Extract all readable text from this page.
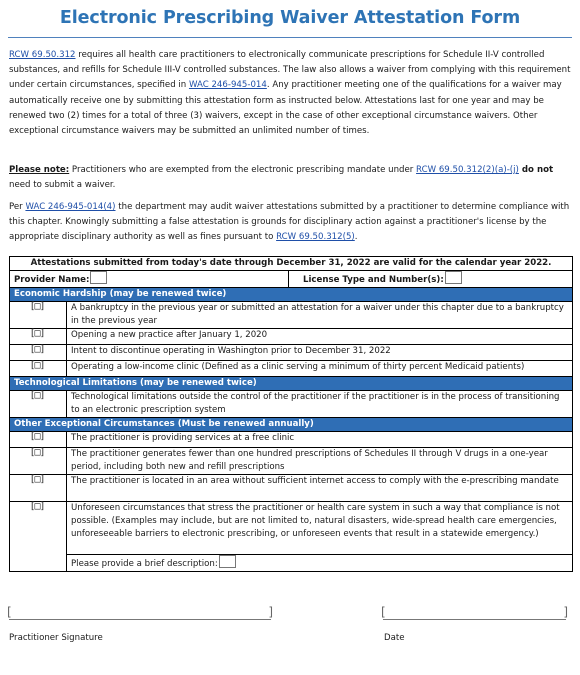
Electronic Prescribing Waiver Attestation Form

RCW 69.50.312 requires all health care practitioners to electronically communicate prescriptions for Schedule II-V controlled substances, and refills for Schedule III-V controlled substances. The law also allows a waiver from complying with this requirement under certain circumstances, specified in WAC 246-945-014. Any practitioner meeting one of the qualifications for a waiver may automatically receive one by submitting this attestation form as instructed below. Attestations last for one year and may be renewed two (2) times for a total of three (3) waivers, except in the case of other exceptional circumstance waivers. Other exceptional circumstance waivers may be submitted an unlimited number of times.

Please note: Practitioners who are exempted from the electronic prescribing mandate under RCW 69.50.312(2)(a)-(j) do not need to submit a waiver.

Per WAC 246-945-014(4) the department may audit waiver attestations submitted by a practitioner to determine compliance with this chapter. Knowingly submitting a false attestation is grounds for disciplinary action against a practitioner's license by the appropriate disciplinary authority as well as fines pursuant to RCW 69.50.312(5).

Attestations submitted from today's date through December 31, 2022 are valid for the calendar year 2022.		
Provider Name:		License Type and Number(s):
Economic Hardship (may be renewed twice)		
[□]	A bankruptcy in the previous year or submitted an attestation for a waiver under this chapter due to a bankruptcy in the previous year	
[□]	Opening a new practice after January 1, 2020	
[□]	Intent to discontinue operating in Washington prior to December 31, 2022	
[□]	Operating a low-income clinic (Defined as a clinic serving a minimum of thirty percent Medicaid patients)	
Technological Limitations (may be renewed twice)		
[□]	Technological limitations outside the control of the practitioner if the practitioner is in the process of transitioning to an electronic prescription system	
Other Exceptional Circumstances (Must be renewed annually)		
[□]	The practitioner is providing services at a free clinic	
[□]	The practitioner generates fewer than one hundred prescriptions of Schedules II through V drugs in a one-year period, including both new and refill prescriptions	
[□]	The practitioner is located in an area without sufficient internet access to comply with the e-prescribing mandate	
[□]	Unforeseen circumstances that stress the practitioner or health care system in such a way that compliance is not possible. (Examples may include, but are not limited to, natural disasters, wide-spread health care emergencies, unforeseeable barriers to electronic prescribing, or unforeseen events that result in a statewide emergency.)	
	Please provide a brief description:	
[	]	[	]
Practitioner Signature	Date
